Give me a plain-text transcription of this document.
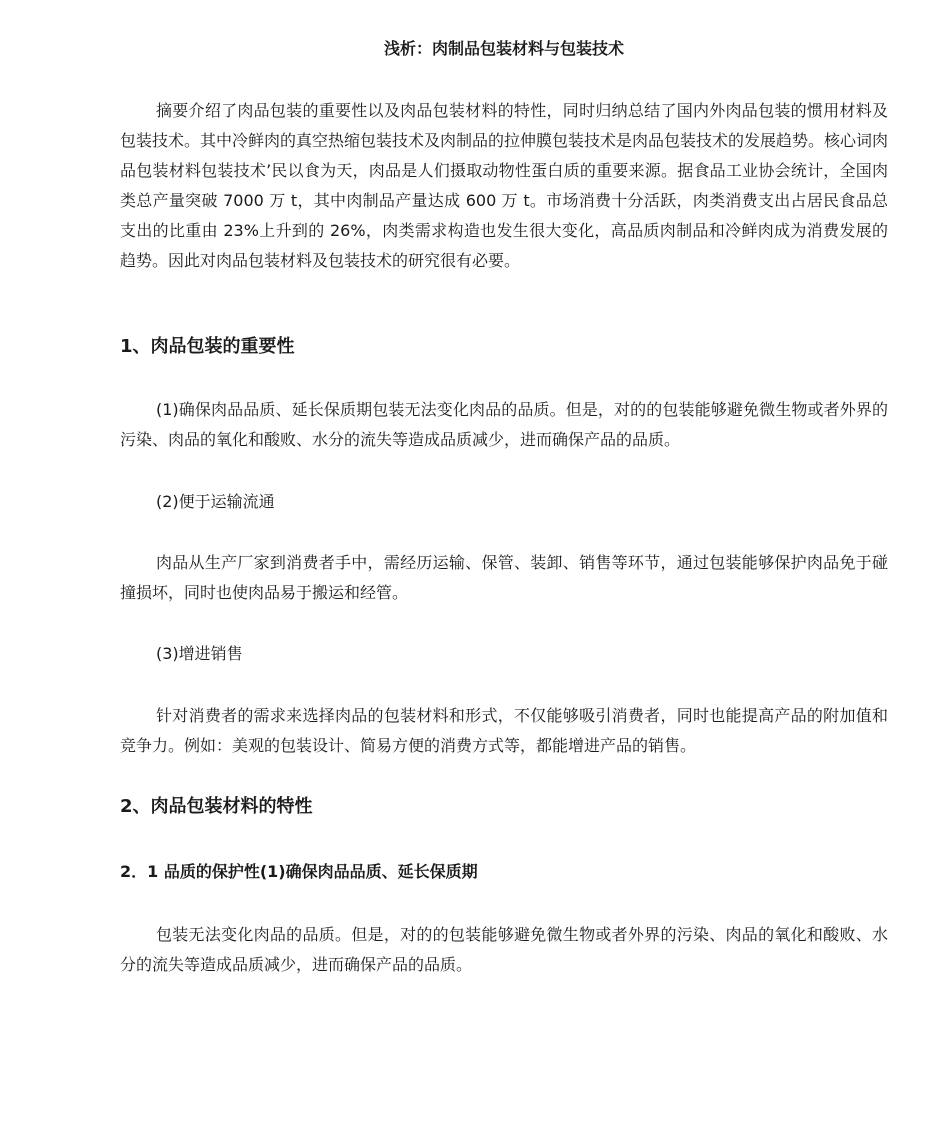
浅析：肉制品包装材料与包装技术

摘要介绍了肉品包装的重要性以及肉品包装材料的特性，同时归纳总结了国内外肉品包装的惯用材料及包装技术。其中冷鲜肉的真空热缩包装技术及肉制品的拉伸膜包装技术是肉品包装技术的发展趋势。核心词肉品包装材料包装技术’民以食为天，肉品是人们摄取动物性蛋白质的重要来源。据食品工业协会统计，全国肉类总产量突破 7000 万 t，其中肉制品产量达成 600 万 t。市场消费十分活跃，肉类消费支出占居民食品总支出的比重由 23%上升到的 26%，肉类需求构造也发生很大变化，高品质肉制品和冷鲜肉成为消费发展的趋势。因此对肉品包装材料及包装技术的研究很有必要。

1、肉品包装的重要性

(1)确保肉品品质、延长保质期包装无法变化肉品的品质。但是，对的的包装能够避免微生物或者外界的污染、肉品的氧化和酸败、水分的流失等造成品质减少，进而确保产品的品质。

(2)便于运输流通

肉品从生产厂家到消费者手中，需经历运输、保管、装卸、销售等环节，通过包装能够保护肉品免于碰撞损坏，同时也使肉品易于搬运和经管。

(3)增进销售

针对消费者的需求来选择肉品的包装材料和形式，不仅能够吸引消费者，同时也能提高产品的附加值和竞争力。例如：美观的包装设计、简易方便的消费方式等，都能增进产品的销售。

2、肉品包装材料的特性
2．1 品质的保护性(1)确保肉品品质、延长保质期

包装无法变化肉品的品质。但是，对的的包装能够避免微生物或者外界的污染、肉品的氧化和酸败、水分的流失等造成品质减少，进而确保产品的品质。
